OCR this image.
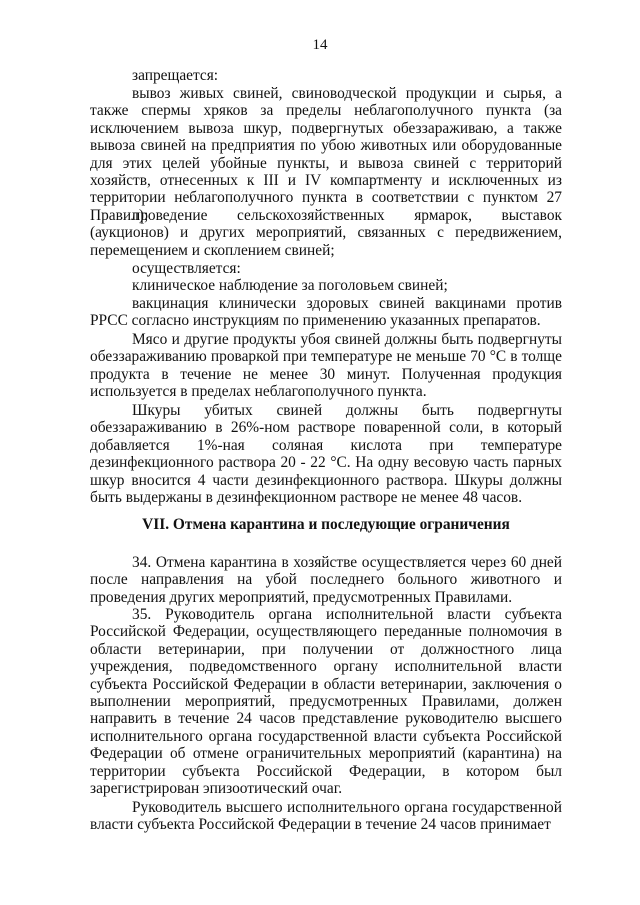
14

запрещается:

вывоз живых свиней, свиноводческой продукции и сырья, а также спермы хряков за пределы неблагополучного пункта (за исключением вывоза шкур, подвергнутых обеззараживаю, а также вывоза свиней на предприятия по убою животных или оборудованные для этих целей убойные пункты, и вывоза свиней с территорий хозяйств, отнесенных к III и IV компартменту и исключенных из территории неблагополучного пункта в соответствии с пунктом 27 Правил);

проведение сельскохозяйственных ярмарок, выставок (аукционов) и других мероприятий, связанных с передвижением, перемещением и скоплением свиней;

осуществляется:

клиническое наблюдение за поголовьем свиней;

вакцинация клинически здоровых свиней вакцинами против РРСС согласно инструкциям по применению указанных препаратов.

Мясо и другие продукты убоя свиней должны быть подвергнуты обеззараживанию проваркой при температуре не меньше 70 °С в толще продукта в течение не менее 30 минут. Полученная продукция используется в пределах неблагополучного пункта.

Шкуры убитых свиней должны быть подвергнуты обеззараживанию в 26%-ном растворе поваренной соли, в который добавляется 1%-ная соляная кислота при температуре дезинфекционного раствора 20 - 22 °С. На одну весовую часть парных шкур вносится 4 части дезинфекционного раствора. Шкуры должны быть выдержаны в дезинфекционном растворе не менее 48 часов.

VII. Отмена карантина и последующие ограничения

34. Отмена карантина в хозяйстве осуществляется через 60 дней после направления на убой последнего больного животного и проведения других мероприятий, предусмотренных Правилами.

35. Руководитель органа исполнительной власти субъекта Российской Федерации, осуществляющего переданные полномочия в области ветеринарии, при получении от должностного лица учреждения, подведомственного органу исполнительной власти субъекта Российской Федерации в области ветеринарии, заключения о выполнении мероприятий, предусмотренных Правилами, должен направить в течение 24 часов представление руководителю высшего исполнительного органа государственной власти субъекта Российской Федерации об отмене ограничительных мероприятий (карантина) на территории субъекта Российской Федерации, в котором был зарегистрирован эпизоотический очаг.

Руководитель высшего исполнительного органа государственной власти субъекта Российской Федерации в течение 24 часов принимает
